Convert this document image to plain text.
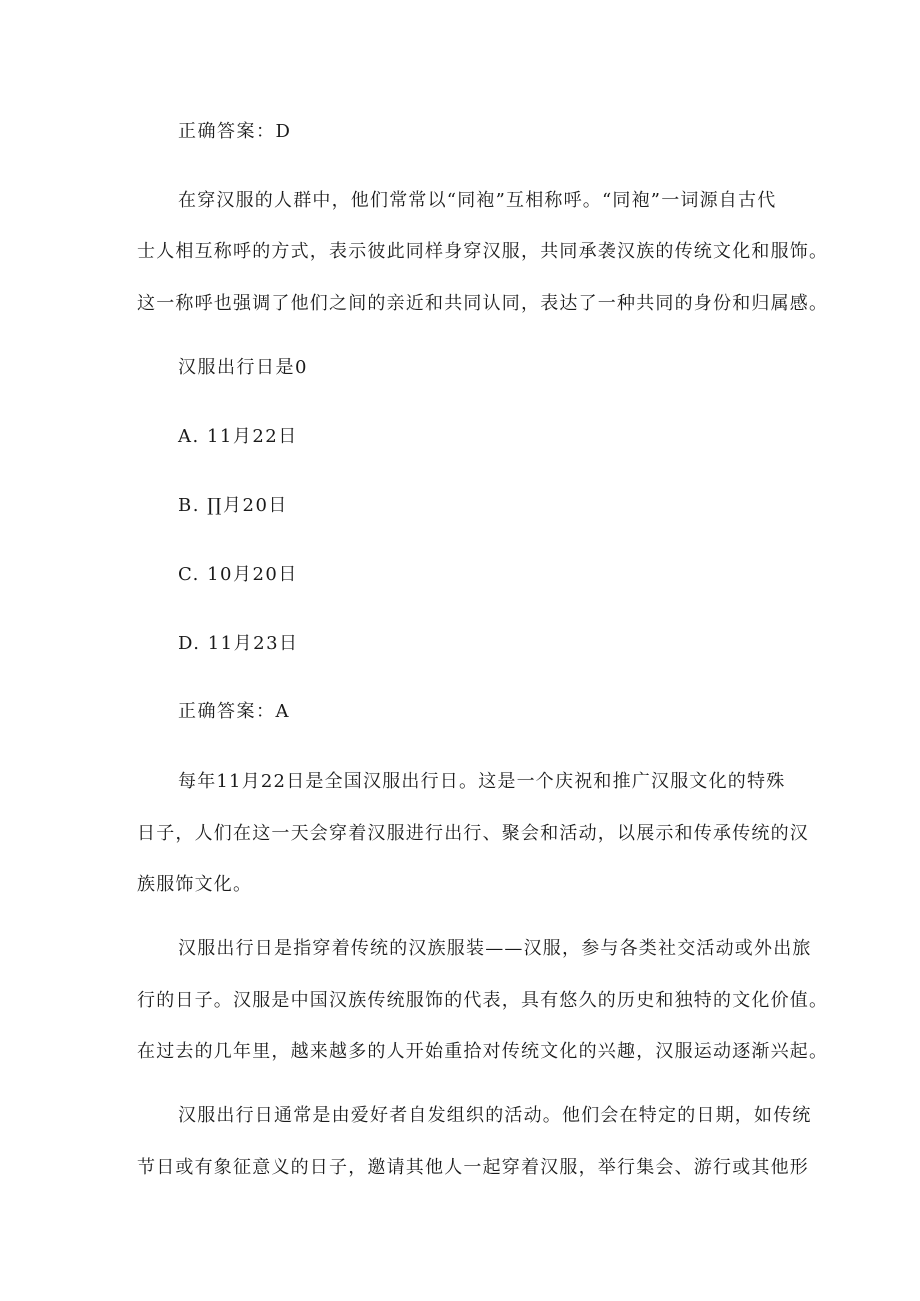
正确答案：D
在穿汉服的人群中，他们常常以“同袍”互相称呼。“同袍”一词源自古代
士人相互称呼的方式，表示彼此同样身穿汉服，共同承袭汉族的传统文化和服饰。
这一称呼也强调了他们之间的亲近和共同认同，表达了一种共同的身份和归属感。
汉服出行日是0
A. 11月22日
B. ∏月20日
C. 10月20日
D. 11月23日
正确答案：A
每年11月22日是全国汉服出行日。这是一个庆祝和推广汉服文化的特殊
日子，人们在这一天会穿着汉服进行出行、聚会和活动，以展示和传承传统的汉
族服饰文化。
汉服出行日是指穿着传统的汉族服装——汉服，参与各类社交活动或外出旅
行的日子。汉服是中国汉族传统服饰的代表，具有悠久的历史和独特的文化价值。
在过去的几年里，越来越多的人开始重拾对传统文化的兴趣，汉服运动逐渐兴起。
汉服出行日通常是由爱好者自发组织的活动。他们会在特定的日期，如传统
节日或有象征意义的日子，邀请其他人一起穿着汉服，举行集会、游行或其他形
